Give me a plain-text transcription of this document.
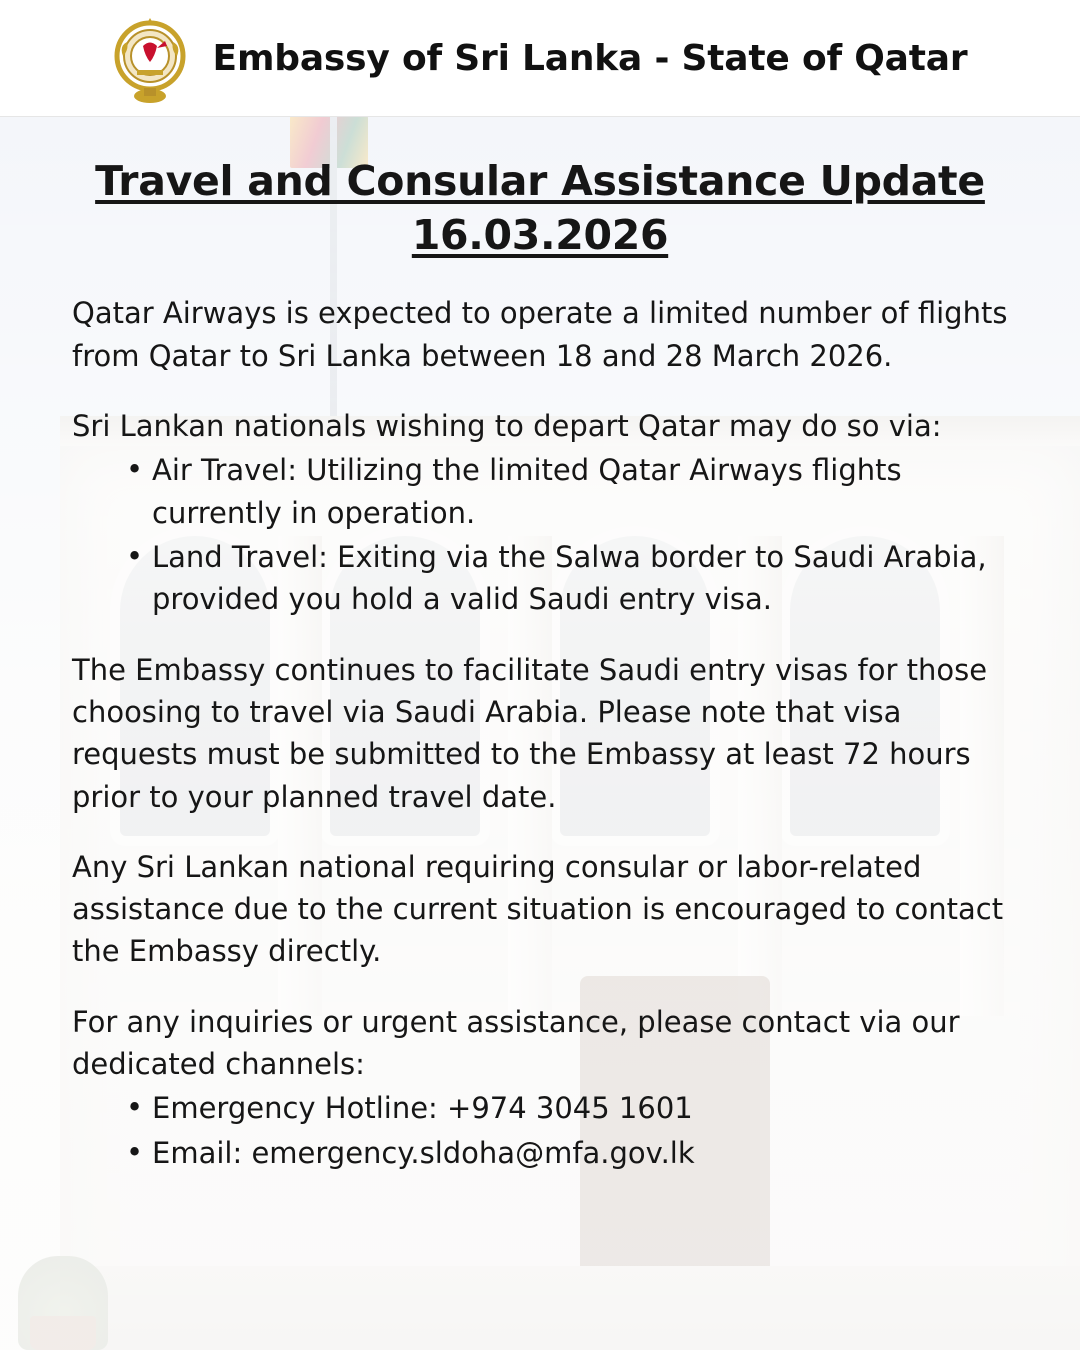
Embassy of Sri Lanka - State of Qatar
Travel and Consular Assistance Update
16.03.2026

Qatar Airways is expected to operate a limited number of flights from Qatar to Sri Lanka between 18 and 28 March 2026.

Sri Lankan nationals wishing to depart Qatar may do so via:

• Air Travel: Utilizing the limited Qatar Airways flights currently in operation.
• Land Travel: Exiting via the Salwa border to Saudi Arabia, provided you hold a valid Saudi entry visa.

The Embassy continues to facilitate Saudi entry visas for those choosing to travel via Saudi Arabia. Please note that visa requests must be submitted to the Embassy at least 72 hours prior to your planned travel date.

Any Sri Lankan national requiring consular or labor-related assistance due to the current situation is encouraged to contact the Embassy directly.

For any inquiries or urgent assistance, please contact via our dedicated channels:

• Emergency Hotline: +974 3045 1601
• Email: emergency.sldoha@mfa.gov.lk
